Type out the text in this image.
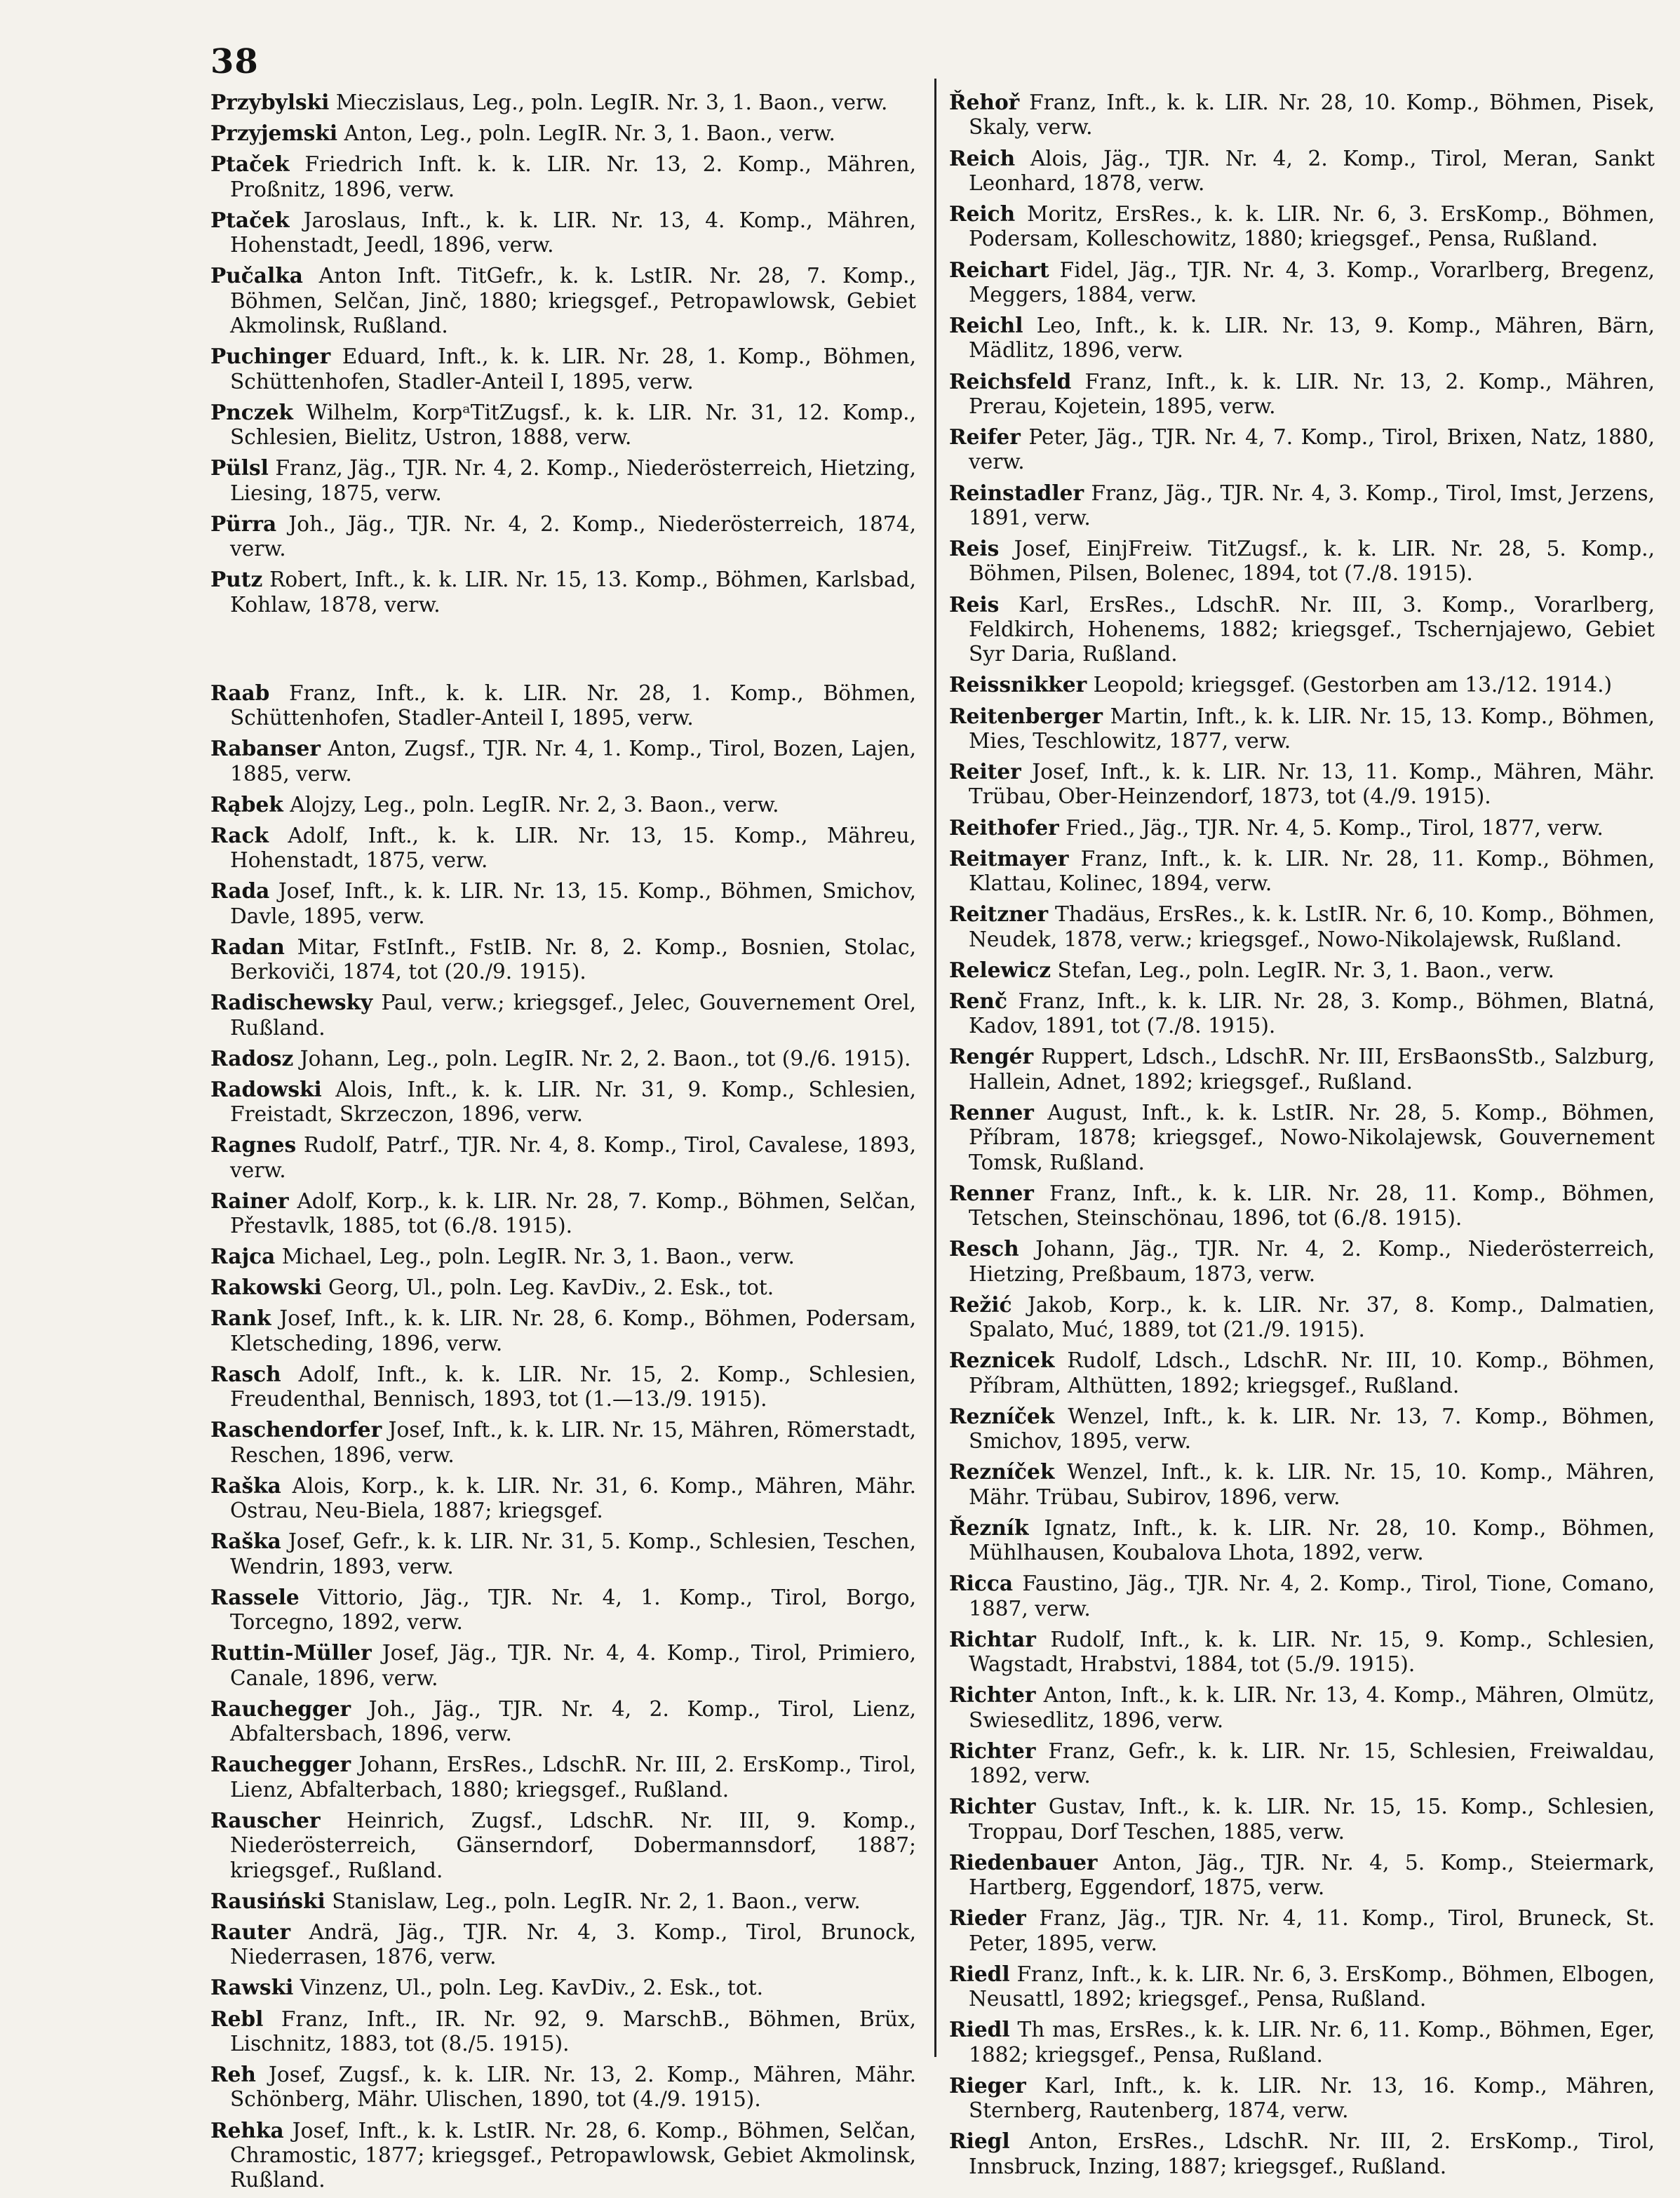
38
Przybylski Mieczislaus, Leg., poln. LegIR. Nr. 3, 1. Baon., verw.
Przyjemski Anton, Leg., poln. LegIR. Nr. 3, 1. Baon., verw.
Ptaček Friedrich Inft. k. k. LIR. Nr. 13, 2. Komp., Mähren, Proßnitz, 1896, verw.
Ptaček Jaroslaus, Inft., k. k. LIR. Nr. 13, 4. Komp., Mähren, Hohenstadt, Jeedl, 1896, verw.
Pučalka Anton Inft. TitGefr., k. k. LstIR. Nr. 28, 7. Komp., Böhmen, Selčan, Jinč, 1880; kriegsgef., Petropawlowsk, Gebiet Akmolinsk, Rußland.
Puchinger Eduard, Inft., k. k. LIR. Nr. 28, 1. Komp., Böhmen, Schüttenhofen, Stadler-Anteil I, 1895, verw.
Pnczek Wilhelm, KorpᵃTitZugsf., k. k. LIR. Nr. 31, 12. Komp., Schlesien, Bielitz, Ustron, 1888, verw.
Pülsl Franz, Jäg., TJR. Nr. 4, 2. Komp., Niederösterreich, Hietzing, Liesing, 1875, verw.
Pürra Joh., Jäg., TJR. Nr. 4, 2. Komp., Niederösterreich, 1874, verw.
Putz Robert, Inft., k. k. LIR. Nr. 15, 13. Komp., Böhmen, Karlsbad, Kohlaw, 1878, verw.
Raab Franz, Inft., k. k. LIR. Nr. 28, 1. Komp., Böhmen, Schüttenhofen, Stadler-Anteil I, 1895, verw.
Rabanser Anton, Zugsf., TJR. Nr. 4, 1. Komp., Tirol, Bozen, Lajen, 1885, verw.
Rąbek Alojzy, Leg., poln. LegIR. Nr. 2, 3. Baon., verw.
Rack Adolf, Inft., k. k. LIR. Nr. 13, 15. Komp., Mähreu, Hohenstadt, 1875, verw.
Rada Josef, Inft., k. k. LIR. Nr. 13, 15. Komp., Böhmen, Smichov, Davle, 1895, verw.
Radan Mitar, FstInft., FstIB. Nr. 8, 2. Komp., Bosnien, Stolac, Berkoviči, 1874, tot (20./9. 1915).
Radischewsky Paul, verw.; kriegsgef., Jelec, Gouvernement Orel, Rußland.
Radosz Johann, Leg., poln. LegIR. Nr. 2, 2. Baon., tot (9./6. 1915).
Radowski Alois, Inft., k. k. LIR. Nr. 31, 9. Komp., Schlesien, Freistadt, Skrzeczon, 1896, verw.
Ragnes Rudolf, Patrf., TJR. Nr. 4, 8. Komp., Tirol, Cavalese, 1893, verw.
Rainer Adolf, Korp., k. k. LIR. Nr. 28, 7. Komp., Böhmen, Selčan, Přestavlk, 1885, tot (6./8. 1915).
Rajca Michael, Leg., poln. LegIR. Nr. 3, 1. Baon., verw.
Rakowski Georg, Ul., poln. Leg. KavDiv., 2. Esk., tot.
Rank Josef, Inft., k. k. LIR. Nr. 28, 6. Komp., Böhmen, Podersam, Kletscheding, 1896, verw.
Rasch Adolf, Inft., k. k. LIR. Nr. 15, 2. Komp., Schlesien, Freudenthal, Bennisch, 1893, tot (1.—13./9. 1915).
Raschendorfer Josef, Inft., k. k. LIR. Nr. 15, Mähren, Römerstadt, Reschen, 1896, verw.
Raška Alois, Korp., k. k. LIR. Nr. 31, 6. Komp., Mähren, Mähr. Ostrau, Neu-Biela, 1887; kriegsgef.
Raška Josef, Gefr., k. k. LIR. Nr. 31, 5. Komp., Schlesien, Teschen, Wendrin, 1893, verw.
Rassele Vittorio, Jäg., TJR. Nr. 4, 1. Komp., Tirol, Borgo, Torcegno, 1892, verw.
Ruttin-Müller Josef, Jäg., TJR. Nr. 4, 4. Komp., Tirol, Primiero, Canale, 1896, verw.
Rauchegger Joh., Jäg., TJR. Nr. 4, 2. Komp., Tirol, Lienz, Abfaltersbach, 1896, verw.
Rauchegger Johann, ErsRes., LdschR. Nr. III, 2. ErsKomp., Tirol, Lienz, Abfalterbach, 1880; kriegsgef., Rußland.
Rauscher Heinrich, Zugsf., LdschR. Nr. III, 9. Komp., Niederösterreich, Gänserndorf, Dobermannsdorf, 1887; kriegsgef., Rußland.
Rausiński Stanislaw, Leg., poln. LegIR. Nr. 2, 1. Baon., verw.
Rauter Andrä, Jäg., TJR. Nr. 4, 3. Komp., Tirol, Brunock, Niederrasen, 1876, verw.
Rawski Vinzenz, Ul., poln. Leg. KavDiv., 2. Esk., tot.
Rebl Franz, Inft., IR. Nr. 92, 9. MarschB., Böhmen, Brüx, Lischnitz, 1883, tot (8./5. 1915).
Reh Josef, Zugsf., k. k. LIR. Nr. 13, 2. Komp., Mähren, Mähr. Schönberg, Mähr. Ulischen, 1890, tot (4./9. 1915).
Rehka Josef, Inft., k. k. LstIR. Nr. 28, 6. Komp., Böhmen, Selčan, Chramostic, 1877; kriegsgef., Petropawlowsk, Gebiet Akmolinsk, Rußland.
Řehoř Franz, Inft., k. k. LIR. Nr. 28, 10. Komp., Böhmen, Pisek, Skaly, verw.
Reich Alois, Jäg., TJR. Nr. 4, 2. Komp., Tirol, Meran, Sankt Leonhard, 1878, verw.
Reich Moritz, ErsRes., k. k. LIR. Nr. 6, 3. ErsKomp., Böhmen, Podersam, Kolleschowitz, 1880; kriegsgef., Pensa, Rußland.
Reichart Fidel, Jäg., TJR. Nr. 4, 3. Komp., Vorarlberg, Bregenz, Meggers, 1884, verw.
Reichl Leo, Inft., k. k. LIR. Nr. 13, 9. Komp., Mähren, Bärn, Mädlitz, 1896, verw.
Reichsfeld Franz, Inft., k. k. LIR. Nr. 13, 2. Komp., Mähren, Prerau, Kojetein, 1895, verw.
Reifer Peter, Jäg., TJR. Nr. 4, 7. Komp., Tirol, Brixen, Natz, 1880, verw.
Reinstadler Franz, Jäg., TJR. Nr. 4, 3. Komp., Tirol, Imst, Jerzens, 1891, verw.
Reis Josef, EinjFreiw. TitZugsf., k. k. LIR. Nr. 28, 5. Komp., Böhmen, Pilsen, Bolenec, 1894, tot (7./8. 1915).
Reis Karl, ErsRes., LdschR. Nr. III, 3. Komp., Vorarlberg, Feldkirch, Hohenems, 1882; kriegsgef., Tschernjajewo, Gebiet Syr Daria, Rußland.
Reissnikker Leopold; kriegsgef. (Gestorben am 13./12. 1914.)
Reitenberger Martin, Inft., k. k. LIR. Nr. 15, 13. Komp., Böhmen, Mies, Teschlowitz, 1877, verw.
Reiter Josef, Inft., k. k. LIR. Nr. 13, 11. Komp., Mähren, Mähr. Trübau, Ober-Heinzendorf, 1873, tot (4./9. 1915).
Reithofer Fried., Jäg., TJR. Nr. 4, 5. Komp., Tirol, 1877, verw.
Reitmayer Franz, Inft., k. k. LIR. Nr. 28, 11. Komp., Böhmen, Klattau, Kolinec, 1894, verw.
Reitzner Thadäus, ErsRes., k. k. LstIR. Nr. 6, 10. Komp., Böhmen, Neudek, 1878, verw.; kriegsgef., Nowo-Nikolajewsk, Rußland.
Relewicz Stefan, Leg., poln. LegIR. Nr. 3, 1. Baon., verw.
Renč Franz, Inft., k. k. LIR. Nr. 28, 3. Komp., Böhmen, Blatná, Kadov, 1891, tot (7./8. 1915).
Rengér Ruppert, Ldsch., LdschR. Nr. III, ErsBaonsStb., Salzburg, Hallein, Adnet, 1892; kriegsgef., Rußland.
Renner August, Inft., k. k. LstIR. Nr. 28, 5. Komp., Böhmen, Příbram, 1878; kriegsgef., Nowo-Nikolajewsk, Gouvernement Tomsk, Rußland.
Renner Franz, Inft., k. k. LIR. Nr. 28, 11. Komp., Böhmen, Tetschen, Steinschönau, 1896, tot (6./8. 1915).
Resch Johann, Jäg., TJR. Nr. 4, 2. Komp., Niederösterreich, Hietzing, Preßbaum, 1873, verw.
Režić Jakob, Korp., k. k. LIR. Nr. 37, 8. Komp., Dalmatien, Spalato, Muć, 1889, tot (21./9. 1915).
Reznicek Rudolf, Ldsch., LdschR. Nr. III, 10. Komp., Böhmen, Příbram, Althütten, 1892; kriegsgef., Rußland.
Rezníček Wenzel, Inft., k. k. LIR. Nr. 13, 7. Komp., Böhmen, Smichov, 1895, verw.
Rezníček Wenzel, Inft., k. k. LIR. Nr. 15, 10. Komp., Mähren, Mähr. Trübau, Subirov, 1896, verw.
Řezník Ignatz, Inft., k. k. LIR. Nr. 28, 10. Komp., Böhmen, Mühlhausen, Koubalova Lhota, 1892, verw.
Ricca Faustino, Jäg., TJR. Nr. 4, 2. Komp., Tirol, Tione, Comano, 1887, verw.
Richtar Rudolf, Inft., k. k. LIR. Nr. 15, 9. Komp., Schlesien, Wagstadt, Hrabstvi, 1884, tot (5./9. 1915).
Richter Anton, Inft., k. k. LIR. Nr. 13, 4. Komp., Mähren, Olmütz, Swiesedlitz, 1896, verw.
Richter Franz, Gefr., k. k. LIR. Nr. 15, Schlesien, Freiwaldau, 1892, verw.
Richter Gustav, Inft., k. k. LIR. Nr. 15, 15. Komp., Schlesien, Troppau, Dorf Teschen, 1885, verw.
Riedenbauer Anton, Jäg., TJR. Nr. 4, 5. Komp., Steiermark, Hartberg, Eggendorf, 1875, verw.
Rieder Franz, Jäg., TJR. Nr. 4, 11. Komp., Tirol, Bruneck, St. Peter, 1895, verw.
Riedl Franz, Inft., k. k. LIR. Nr. 6, 3. ErsKomp., Böhmen, Elbogen, Neusattl, 1892; kriegsgef., Pensa, Rußland.
Riedl Th mas, ErsRes., k. k. LIR. Nr. 6, 11. Komp., Böhmen, Eger, 1882; kriegsgef., Pensa, Rußland.
Rieger Karl, Inft., k. k. LIR. Nr. 13, 16. Komp., Mähren, Sternberg, Rautenberg, 1874, verw.
Riegl Anton, ErsRes., LdschR. Nr. III, 2. ErsKomp., Tirol, Innsbruck, Inzing, 1887; kriegsgef., Rußland.
